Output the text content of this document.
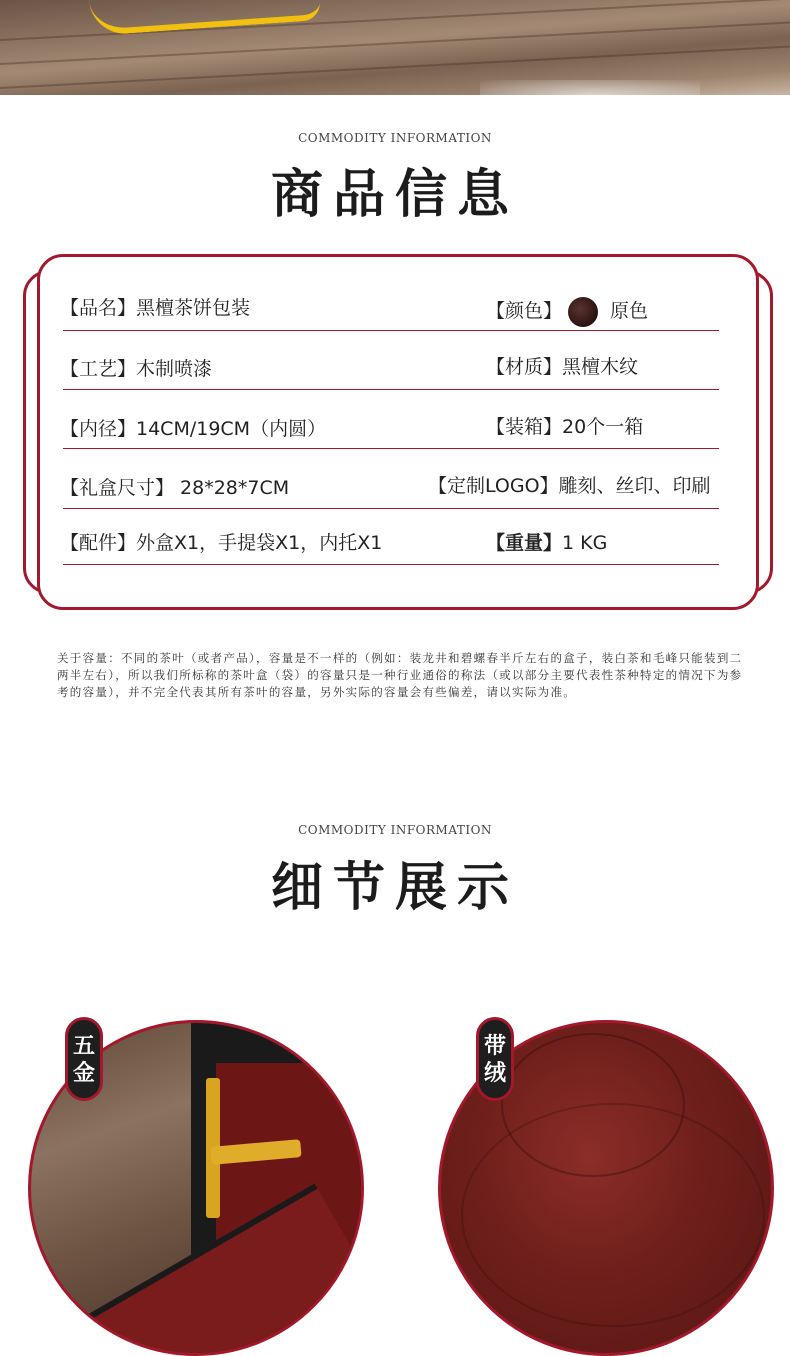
COMMODITY INFORMATION
商品信息
【品名】黑檀茶饼包装	【颜色】	原色
【工艺】木制喷漆	【材质】黑檀木纹
【内径】14CM/19CM（内圆）	【装箱】20个一箱
【礼盒尺寸】 28*28*7CM	【定制LOGO】雕刻、丝印、印刷
【配件】外盒X1，手提袋X1，内托X1	【重量】1 KG
关于容量：不同的茶叶（或者产品），容量是不一样的（例如：装龙井和碧螺春半斤左右的盒子，装白茶和毛峰只能装到二两半左右），所以我们所标称的茶叶盒（袋）的容量只是一种行业通俗的称法（或以部分主要代表性茶种特定的情况下为参考的容量），并不完全代表其所有茶叶的容量，另外实际的容量会有些偏差，请以实际为准。
COMMODITY INFORMATION
细节展示
五金
带绒
